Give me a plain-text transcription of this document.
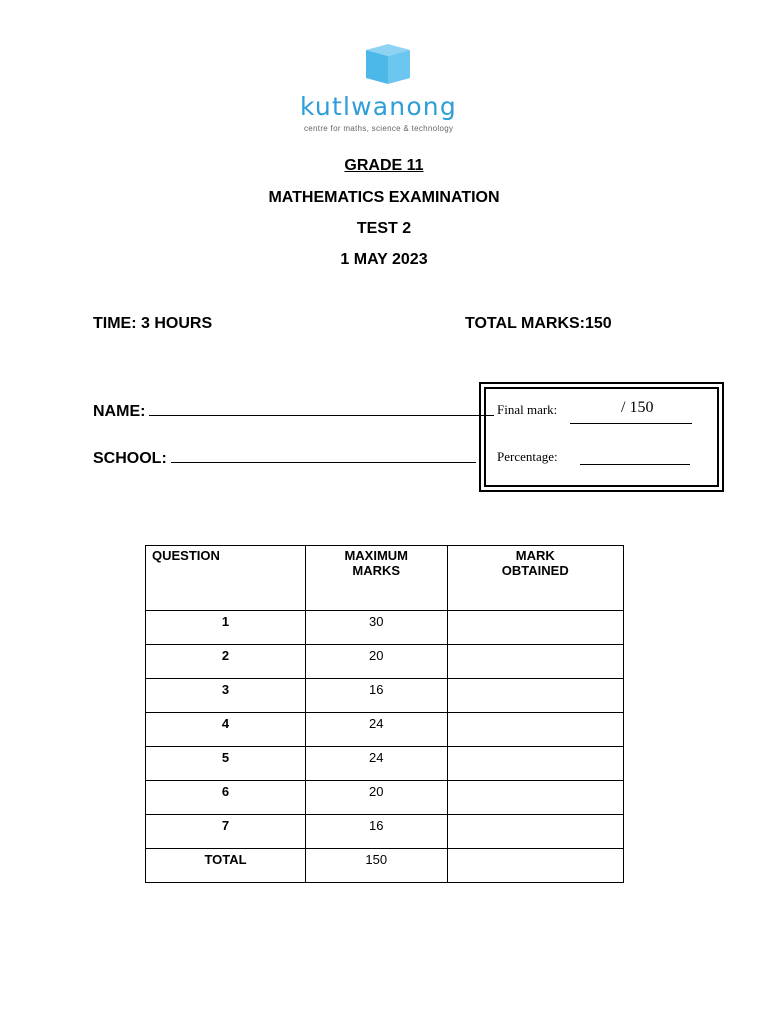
kutlwanong
centre for maths, science & technology
GRADE 11
MATHEMATICS EXAMINATION
TEST 2
1 MAY 2023
TIME: 3 HOURS	TOTAL MARKS:150
NAME:
SCHOOL:
Final mark:	/ 150
Percentage:
QUESTION	MAXIMUM MARKS	MARK OBTAINED

1	30	
2	20	
3	16	
4	24	
5	24	
6	20	
7	16	
TOTAL	150	
